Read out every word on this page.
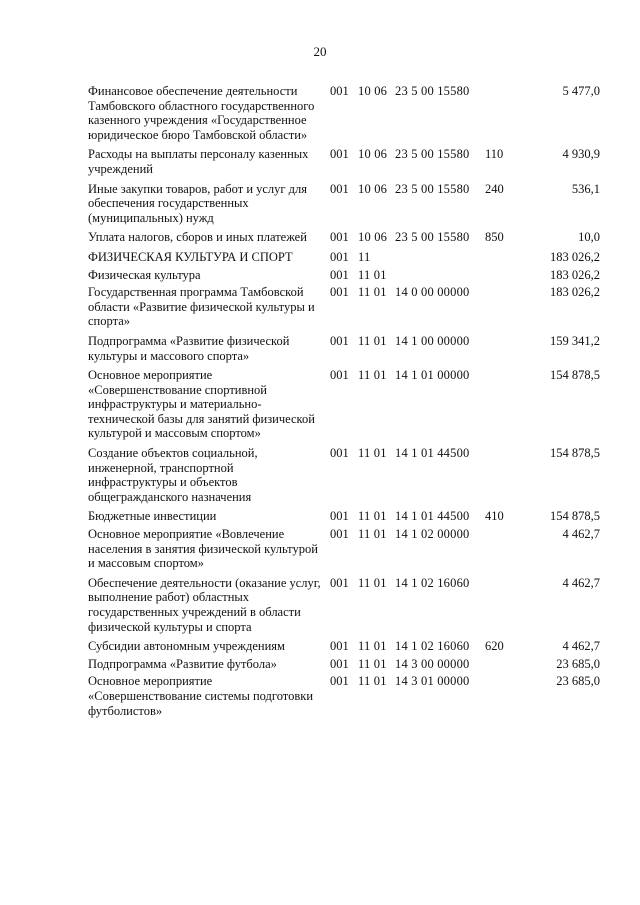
20
Финансовое обеспечение деятельности Тамбовского областного государственного казенного учреждения «Государственное юридическое бюро Тамбовской области»
001 10 06 23 5 00 15580	5 477,0
Расходы на выплаты персоналу казенных учреждений
001 10 06 23 5 00 15580	110	4 930,9
Иные закупки товаров, работ и услуг для обеспечения государственных (муниципальных) нужд
001 10 06 23 5 00 15580	240	536,1
Уплата налогов, сборов и иных платежей	001 10 06 23 5 00 15580	850	10,0
ФИЗИЧЕСКАЯ КУЛЬТУРА И СПОРТ	001 11	183 026,2
Физическая культура	001 11 01	183 026,2
Государственная программа Тамбовской области «Развитие физической культуры и спорта»
001 11 01 14 0 00 00000	183 026,2
Подпрограмма «Развитие физической культуры и массового спорта»
001 11 01 14 1 00 00000	159 341,2
Основное мероприятие «Совершенствование спортивной инфраструктуры и материально-технической базы для занятий физической культурой и массовым спортом»
001 11 01 14 1 01 00000	154 878,5
Создание объектов социальной, инженерной, транспортной инфраструктуры и объектов общегражданского назначения
001 11 01 14 1 01 44500	154 878,5
Бюджетные инвестиции	001 11 01 14 1 01 44500	410	154 878,5
Основное мероприятие «Вовлечение населения в занятия физической культурой и массовым спортом»
001 11 01 14 1 02 00000	4 462,7
Обеспечение деятельности (оказание услуг, выполнение работ) областных государственных учреждений в области физической культуры и спорта
001 11 01 14 1 02 16060	4 462,7
Субсидии автономным учреждениям	001 11 01 14 1 02 16060	620	4 462,7
Подпрограмма «Развитие футбола»	001 11 01 14 3 00 00000	23 685,0
Основное мероприятие «Совершенствование системы подготовки футболистов»
001 11 01 14 3 01 00000	23 685,0
